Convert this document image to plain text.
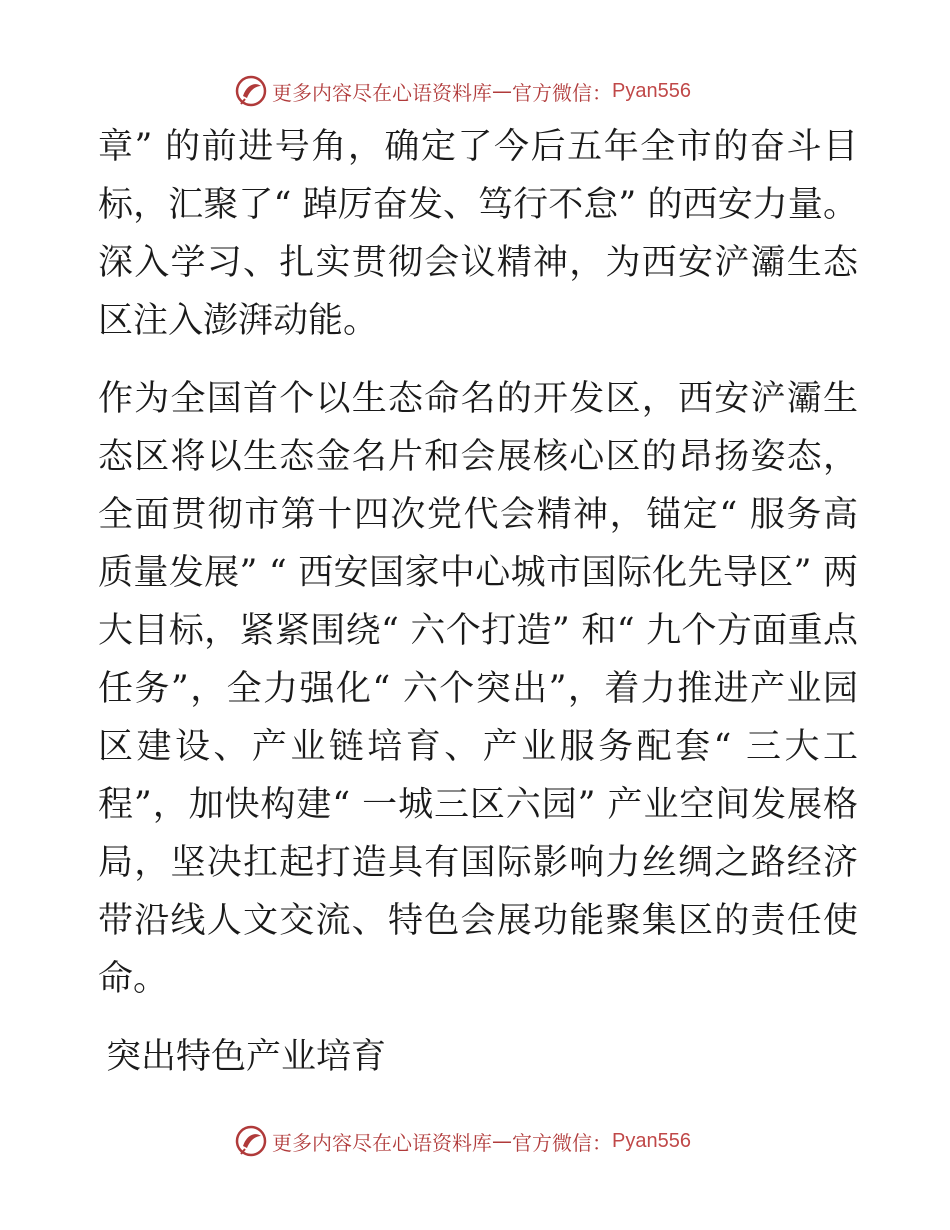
更多内容尽在心语资料库 — 官方微信： Pyan556

章” 的前进号角，确定了今后五年全市的奋斗目标，汇聚了“ 踔厉奋发、笃行不怠” 的西安力量。深入学习、扎实贯彻会议精神，为西安浐灞生态区注入澎湃动能。

作为全国首个以生态命名的开发区，西安浐灞生态区将以生态金名片和会展核心区的昂扬姿态，全面贯彻市第十四次党代会精神，锚定“ 服务高质量发展” “ 西安国家中心城市国际化先导区” 两大目标，紧紧围绕“ 六个打造” 和“ 九个方面重点任务”，全力强化“ 六个突出”，着力推进产业园区建设、产业链培育、产业服务配套“ 三大工程”，加快构建“ 一城三区六园” 产业空间发展格局，坚决扛起打造具有国际影响力丝绸之路经济带沿线人文交流、特色会展功能聚集区的责任使命。

突出特色产业培育

更多内容尽在心语资料库 — 官方微信： Pyan556
